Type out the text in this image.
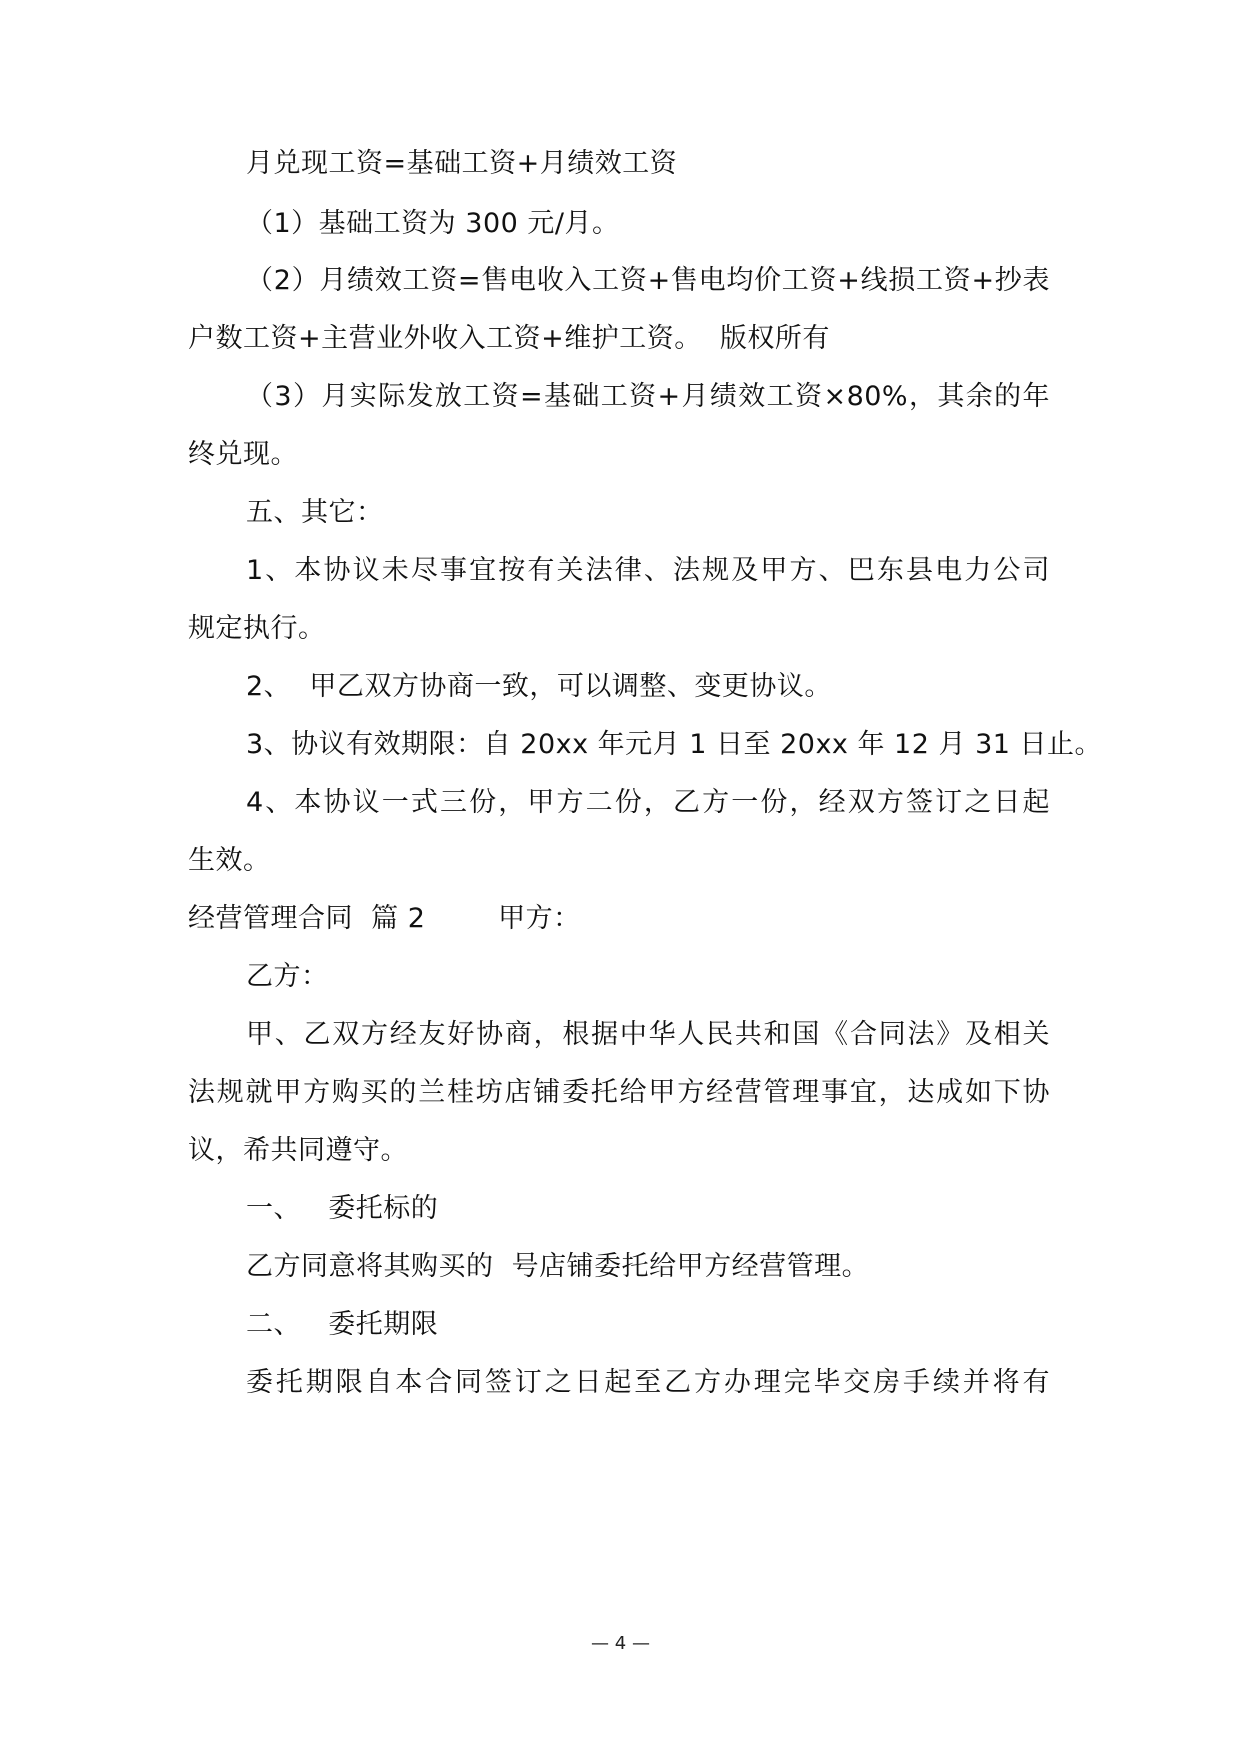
月兑现工资=基础工资+月绩效工资
（1）基础工资为 300 元/月。
（2）月绩效工资=售电收入工资+售电均价工资+线损工资+抄表
户数工资+主营业外收入工资+维护工资。  版权所有
（3）月实际发放工资=基础工资+月绩效工资×80%，其余的年
终兑现。
五、其它：
1、本协议未尽事宜按有关法律、法规及甲方、巴东县电力公司
规定执行。
2、  甲乙双方协商一致，可以调整、变更协议。
3、协议有效期限：自 20xx 年元月 1 日至 20xx 年 12 月 31 日止。
4、本协议一式三份，甲方二份，乙方一份，经双方签订之日起
生效。
经营管理合同  篇 2        甲方：
乙方：
甲、乙双方经友好协商，根据中华人民共和国《合同法》及相关
法规就甲方购买的兰桂坊店铺委托给甲方经营管理事宜，达成如下协
议，希共同遵守。
一、   委托标的
乙方同意将其购买的  号店铺委托给甲方经营管理。
二、   委托期限
委托期限自本合同签订之日起至乙方办理完毕交房手续并将有
— 4 —
